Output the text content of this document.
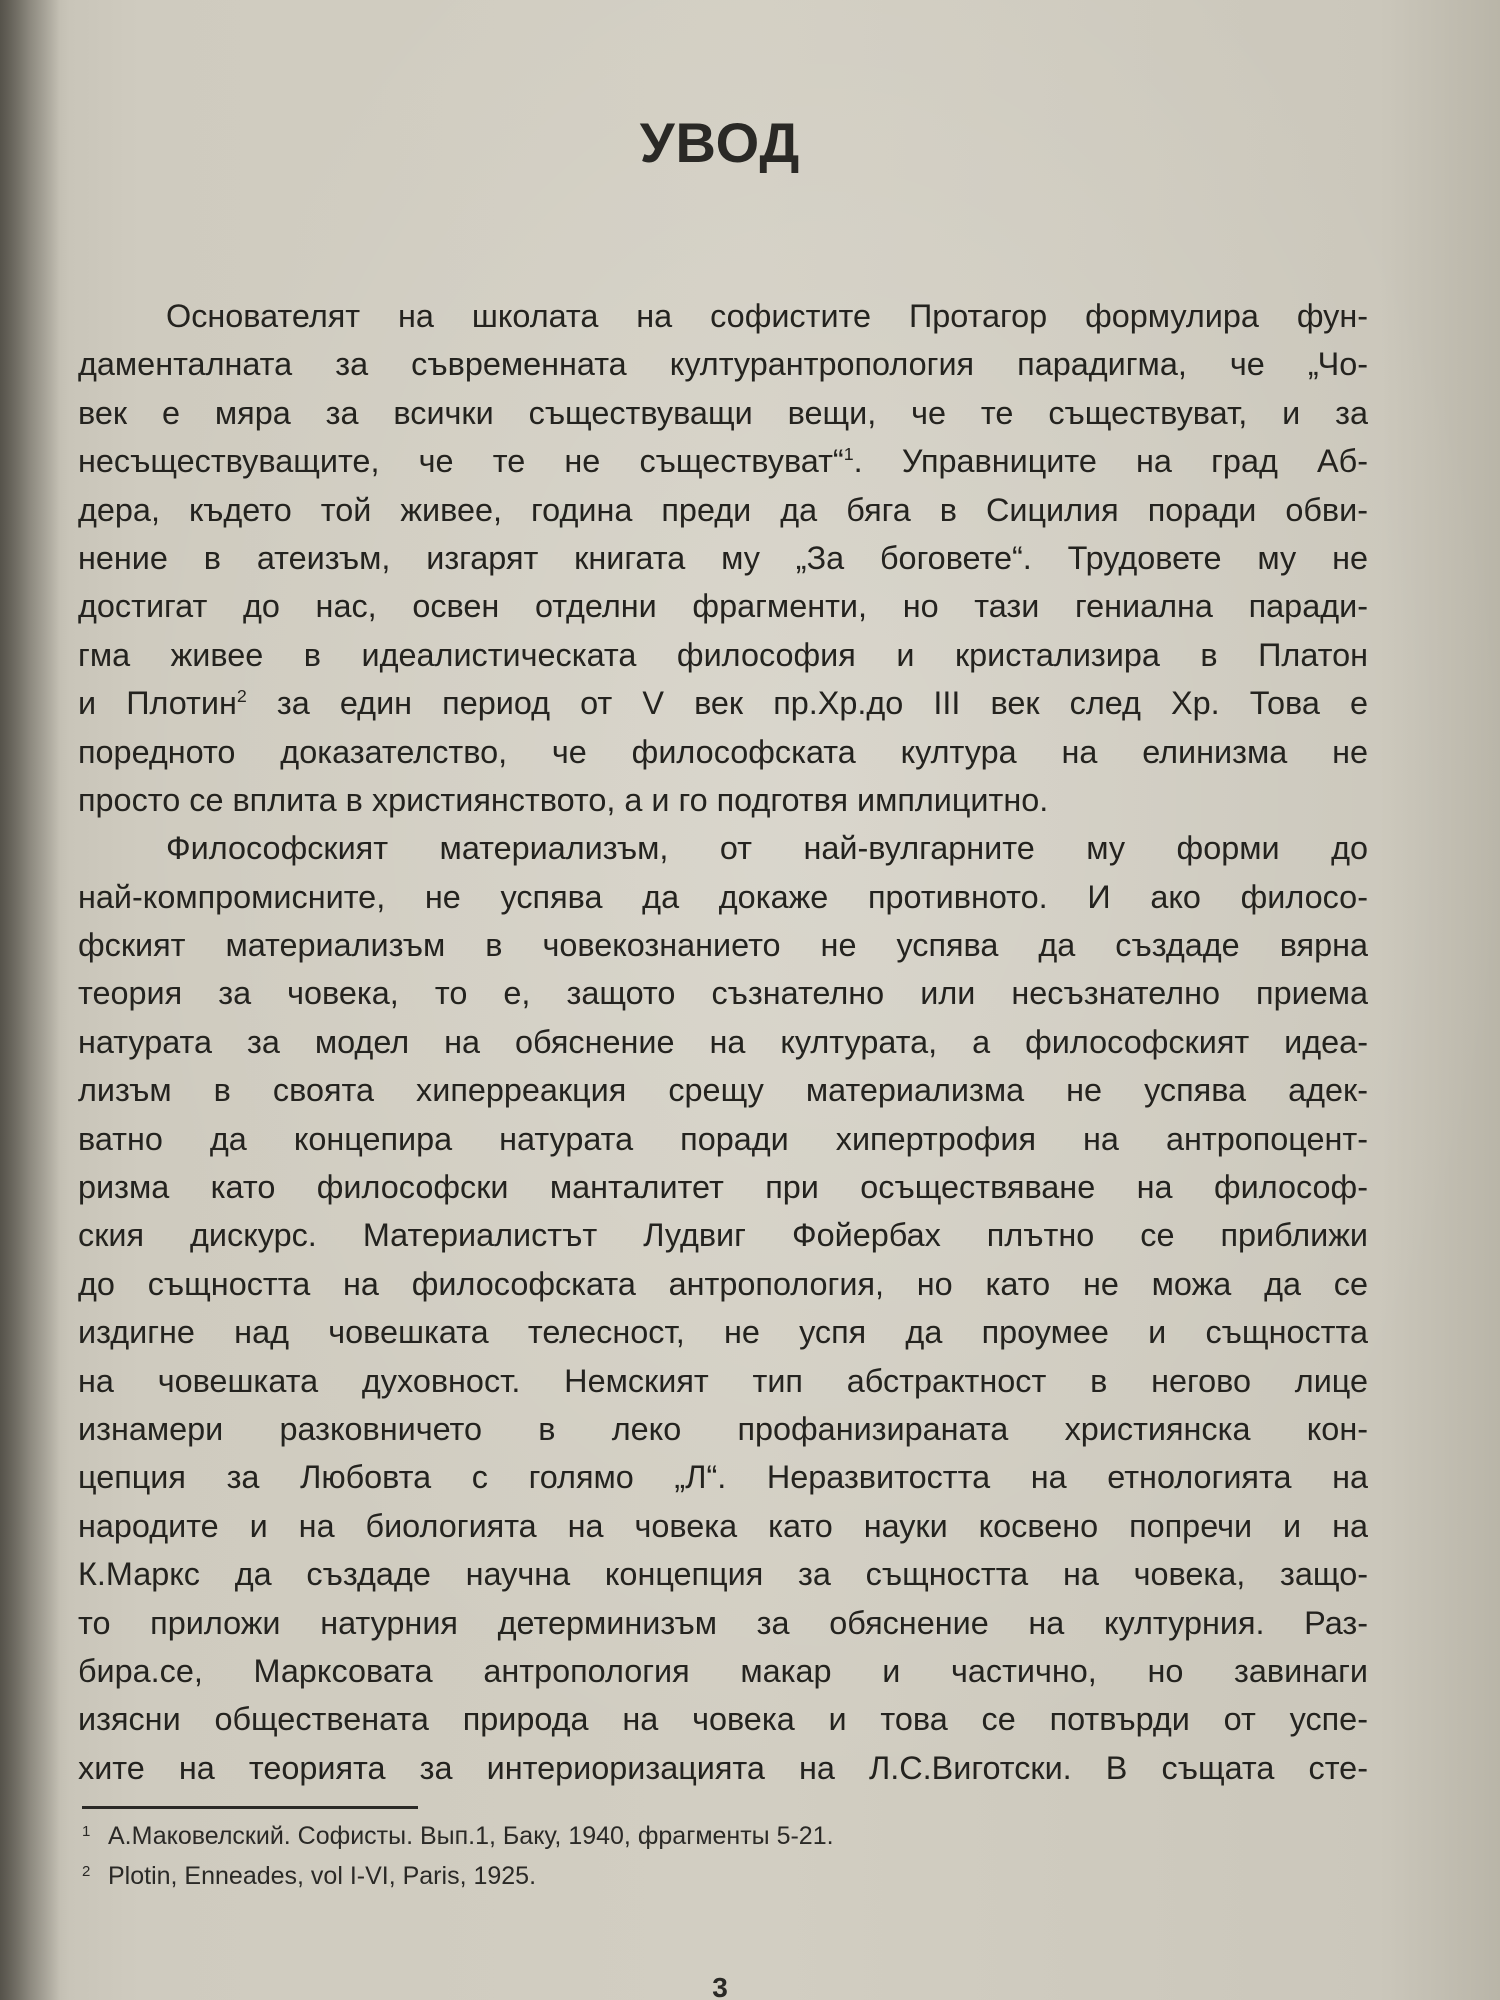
УВОД
Основателят на школата на софистите Протагор формулира фун-
даменталната за съвременната културантропология парадигма, че „Чо-
век е мяра за всички съществуващи вещи, че те съществуват, и за
несъществуващите, че те не съществуват“$^1$. Управниците на град Аб-
дера, където той живее, година преди да бяга в Сицилия поради обви-
нение в атеизъм, изгарят книгата му „За боговете“. Трудовете му не
достигат до нас, освен отделни фрагменти, но тази гениална паради-
гма живее в идеалистическата философия и кристализира в Платон
и Плотин$^2$ за един период от V век пр.Хр.до III век след Хр. Това е
поредното доказателство, че философската култура на елинизма не
просто се вплита в християнството, а и го подготвя имплицитно.
Философският материализъм, от най-вулгарните му форми до
най-компромисните, не успява да докаже противното. И ако филосо-
фският материализъм в човекознанието не успява да създаде вярна
теория за човека, то е, защото съзнателно или несъзнателно приема
натурата за модел на обяснение на културата, а философският идеа-
лизъм в своята хиперреакция срещу материализма не успява адек-
ватно да концепира натурата поради хипертрофия на антропоцент-
ризма като философски манталитет при осъществяване на философ-
ския дискурс. Материалистът Лудвиг Фойербах плътно се приближи
до същността на философската антропология, но като не можа да се
издигне над човешката телесност, не успя да проумее и същността
на човешката духовност. Немският тип абстрактност в негово лице
изнамери разковничето в леко профанизираната християнска кон-
цепция за Любовта с голямо „Л“. Неразвитостта на етнологията на
народите и на биологията на човека като науки косвено попречи и на
К.Маркс да създаде научна концепция за същността на човека, защо-
то приложи натурния детерминизъм за обяснение на културния. Раз-
бира.се, Марксовата антропология макар и частично, но завинаги
изясни обществената природа на човека и това се потвърди от успе-
хите на теорията за интериоризацията на Л.С.Виготски. В същата сте-
1 А.Маковелский. Софисты. Вып.1, Баку, 1940, фрагменты 5-21.
2 Plotin, Enneades, vol I-VI, Paris, 1925.
3
